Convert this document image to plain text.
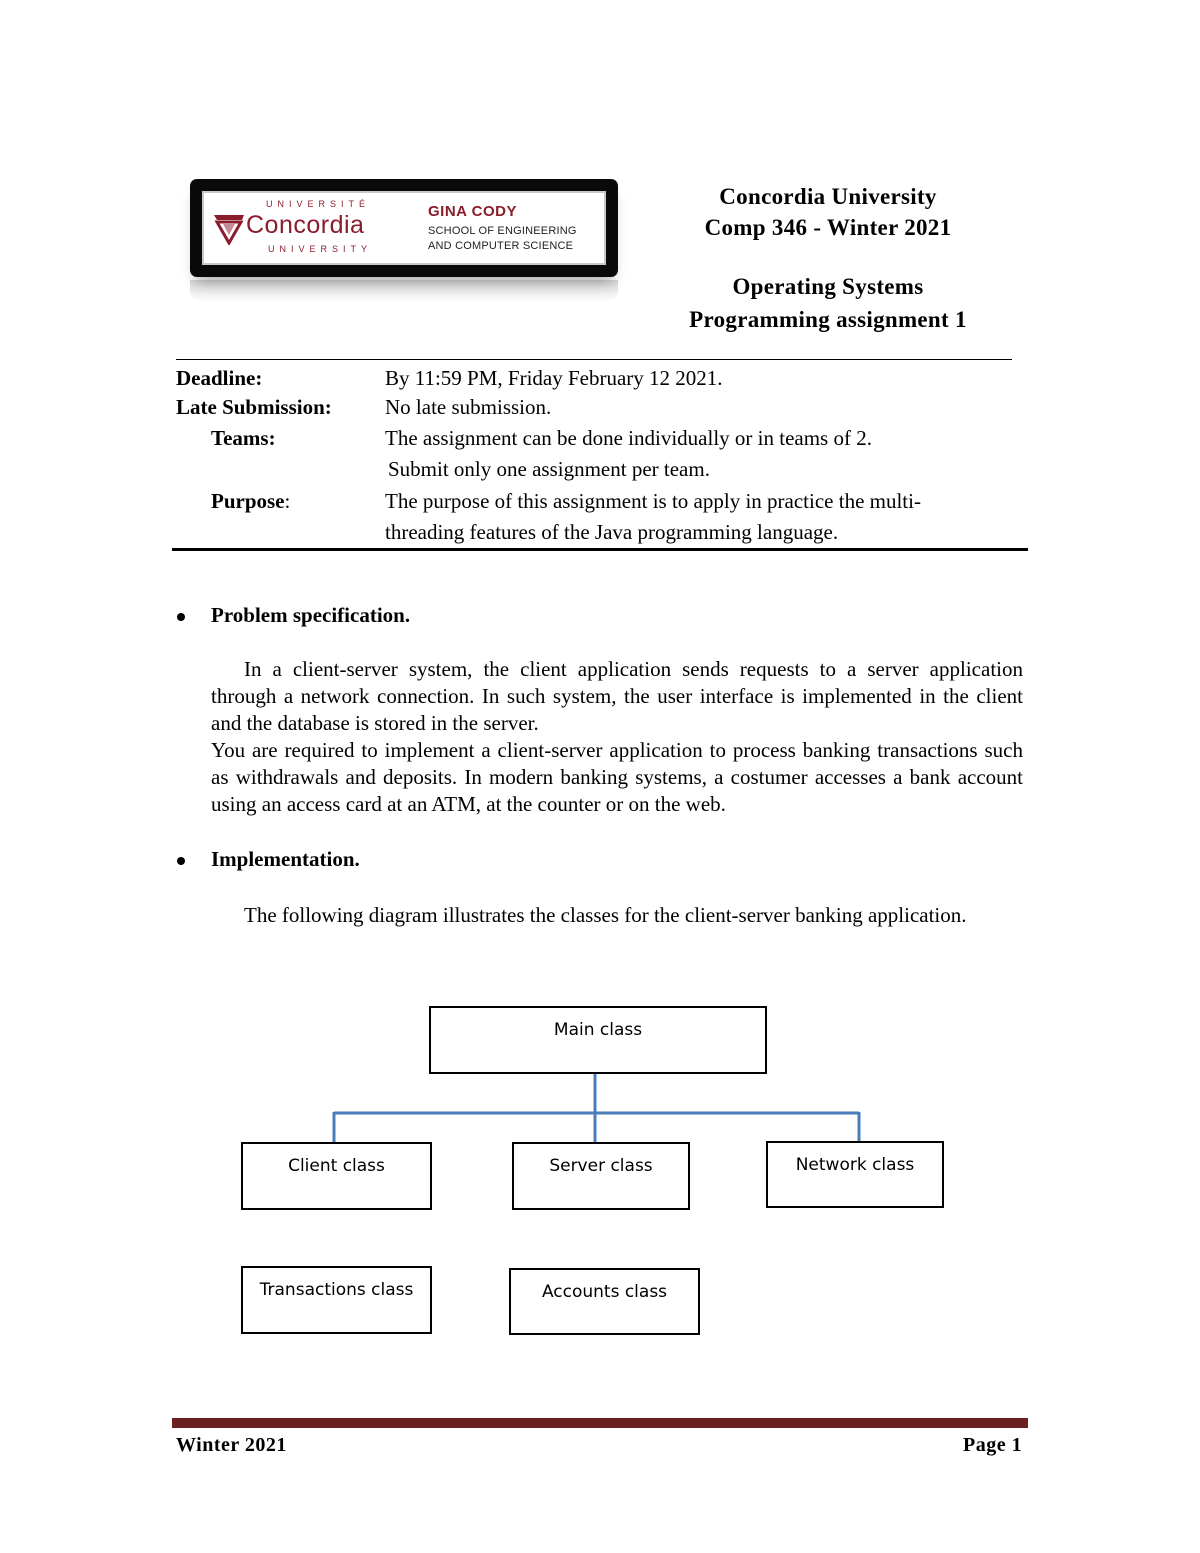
UNIVERSITÉ
Concordia
UNIVERSITY
GINA CODY
SCHOOL OF ENGINEERING
AND COMPUTER SCIENCE
Concordia University
Comp 346 - Winter 2021
Operating Systems
Programming assignment 1
Deadline:	By 11:59 PM, Friday February 12 2021.
Late Submission:	No late submission.
Teams:	The assignment can be done individually or in teams of 2.
Submit only one assignment per team.
Purpose:	The purpose of this assignment is to apply in practice the multi-
threading features of the Java programming language.
Problem specification.
In a client-server system, the client application sends requests to a server application through a network connection. In such system, the user interface is implemented in the client and the database is stored in the server.
You are required to implement a client-server application to process banking transactions such as withdrawals and deposits. In modern banking systems, a costumer accesses a bank account using an access card at an ATM, at the counter or on the web.
Implementation.
The following diagram illustrates the classes for the client-server banking application.
Main class
Client class	Server class	Network class
Transactions class	Accounts class
Winter 2021	Page 1
